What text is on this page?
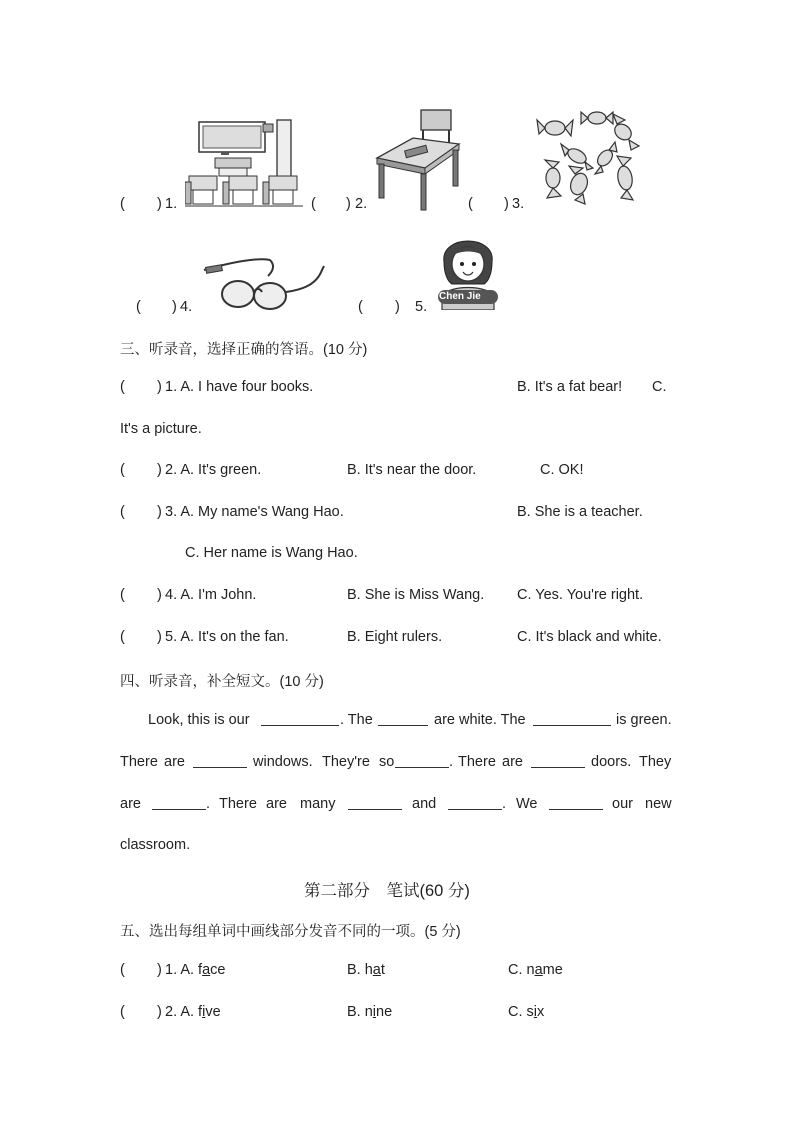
( ) 1.	( ) 2.	( ) 3.
( ) 4.	( ) 5.
Chen Jie
三、听录音，选择正确的答语。(10 分)
( ) 1. A. I have four books.	B. It's a fat bear! C.
It's a picture.
( ) 2. A. It's green.	B. It's near the door.	C. OK!
( ) 3. A. My name's Wang Hao.	B. She is a teacher.
C. Her name is Wang Hao.
( ) 4. A. I'm John.	B. She is Miss Wang. C. Yes. You're right.
( ) 5. A. It's on the fan.	B. Eight rulers.	C. It's black and white.
四、听录音，补全短文。(10 分)
Look, this is our	. The	are white. The	is green.
There are	windows. They're so	. There are	doors. They
are	. There are many	and	. We	our new
classroom.
第二部分　笔试(60 分)
五、选出每组单词中画线部分发音不同的一项。(5 分)
( ) 1. A. face	B. hat	C. name
( ) 2. A. five	B. nine	C. six
